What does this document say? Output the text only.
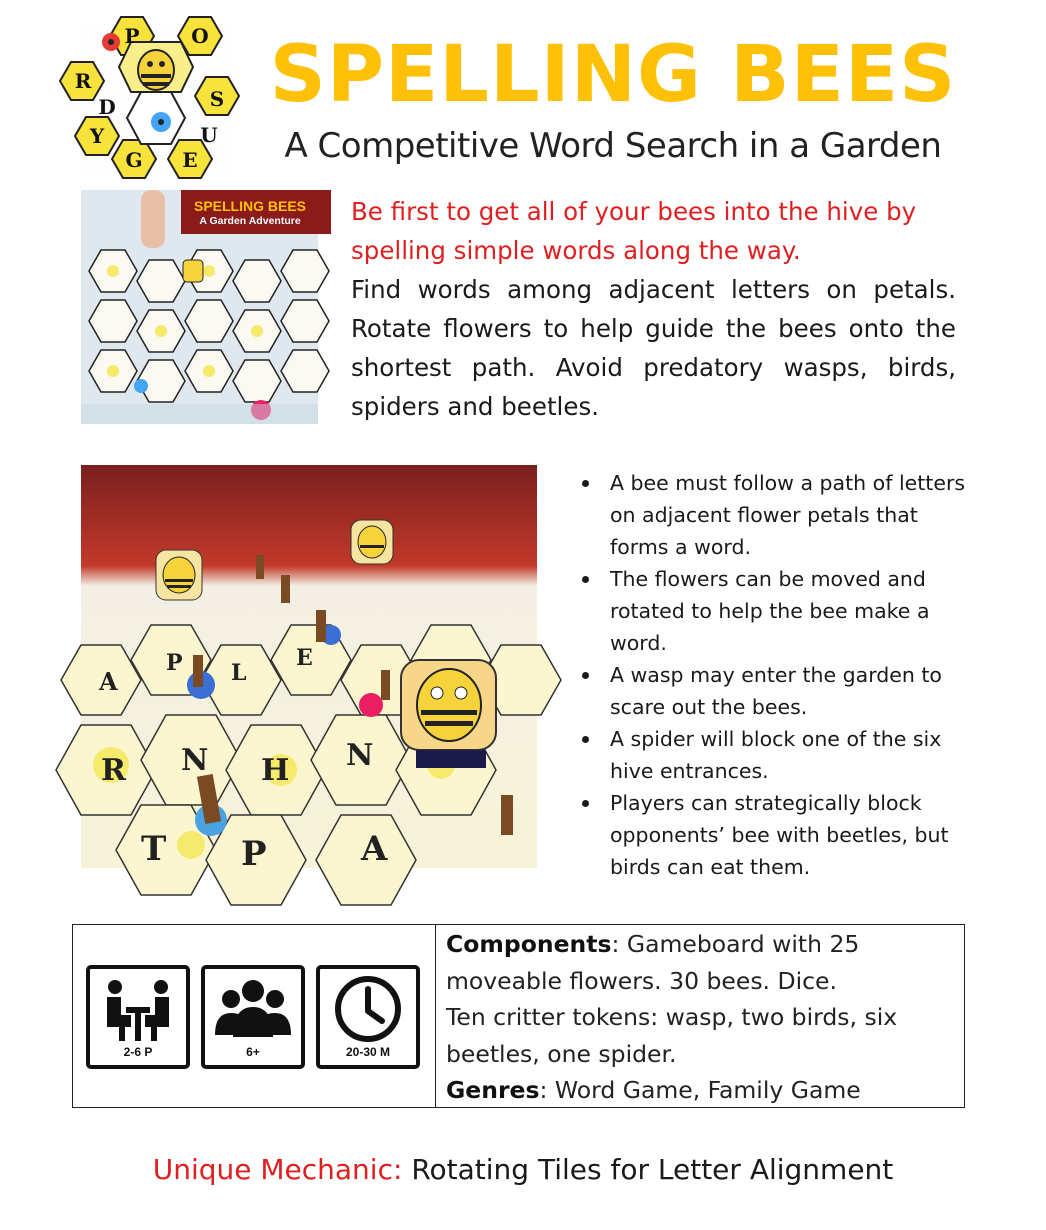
P	O
S
R
Y
G E
D
U
SPELLING BEES
A Competitive Word Search in a Garden
SPELLING BEES
A Garden Adventure	Be first to get all of your bees into the hive by spelling simple words along the way.
Find words among adjacent letters on petals. Rotate flowers to help guide the bees onto the shortest path. Avoid predatory wasps, birds, spiders and beetles.
A
P L
E
R N H N
T P	A
A bee must follow a path of letters on adjacent flower petals that forms a word.
The flowers can be moved and rotated to help the bee make a word.
A wasp may enter the garden to scare out the bees.
A spider will block one of the six hive entrances.
Players can strategically block opponents’ bee with beetles, but birds can eat them.
2-6 P	6+	20-30 M
Components: Gameboard with 25 moveable flowers. 30 bees. Dice.
Ten critter tokens: wasp, two birds, six beetles, one spider.
Genres: Word Game, Family Game
Unique Mechanic: Rotating Tiles for Letter Alignment
